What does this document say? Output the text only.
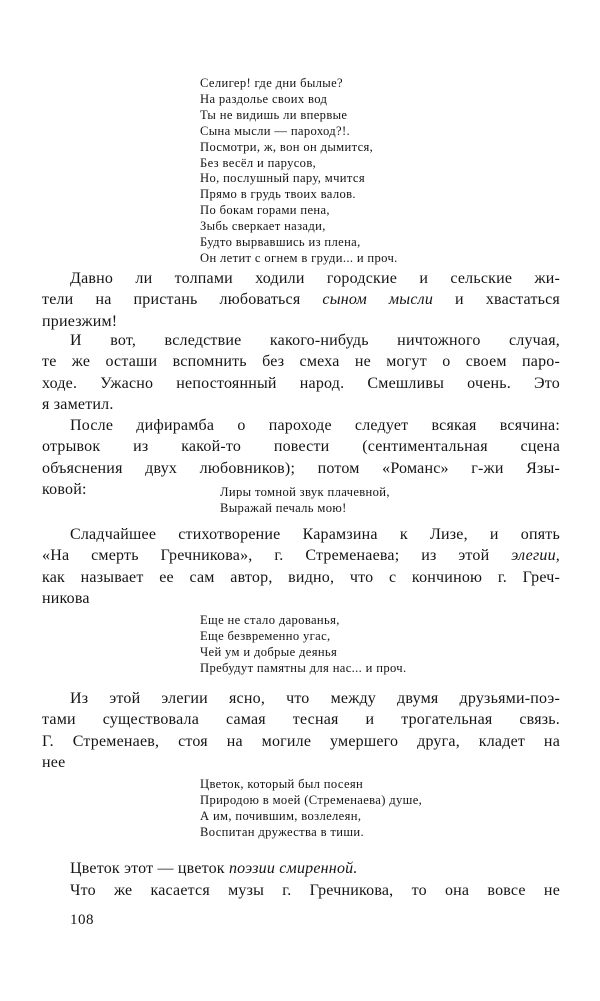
Селигер! где дни былые?
На раздолье своих вод
Ты не видишь ли впервые
Сына мысли — пароход?!.
Посмотри, ж, вон он дымится,
Без весёл и парусов,
Но, послушный пару, мчится
Прямо в грудь твоих валов.
По бокам горами пена,
Зыбь сверкает назади,
Будто вырвавшись из плена,
Он летит с огнем в груди... и проч.
Давно ли толпами ходили городские и сельские жи-
тели на пристань любоваться сыном мысли и хвастаться
приезжим!
И вот, вследствие какого-нибудь ничтожного случая,
те же осташи вспомнить без смеха не могут о своем паро-
ходе. Ужасно непостоянный народ. Смешливы очень. Это
я заметил.
После дифирамба о пароходе следует всякая всячина:
отрывок из какой-то повести (сентиментальная сцена
объяснения двух любовников); потом «Романс» г-жи Язы-
ковой:	Лиры томной звук плачевной,
Выражай печаль мою!
Сладчайшее стихотворение Карамзина к Лизе, и опять
«На смерть Гречникова», г. Стременаева; из этой элегии,
как называет ее сам автор, видно, что с кончиною г. Греч-
никова
Еще не стало дарованья,
Еще безвременно угас,
Чей ум и добрые деянья
Пребудут памятны для нас... и проч.
Из этой элегии ясно, что между двумя друзьями-поэ-
тами существовала самая тесная и трогательная связь.
Г. Стременаев, стоя на могиле умершего друга, кладет на
нее
Цветок, который был посеян
Природою в моей (Стременаева) душе,
А им, почившим, возлелеян,
Воспитан дружества в тиши.
Цветок этот — цветок поэзии смиренной.
Что же касается музы г. Гречникова, то она вовсе не
108
